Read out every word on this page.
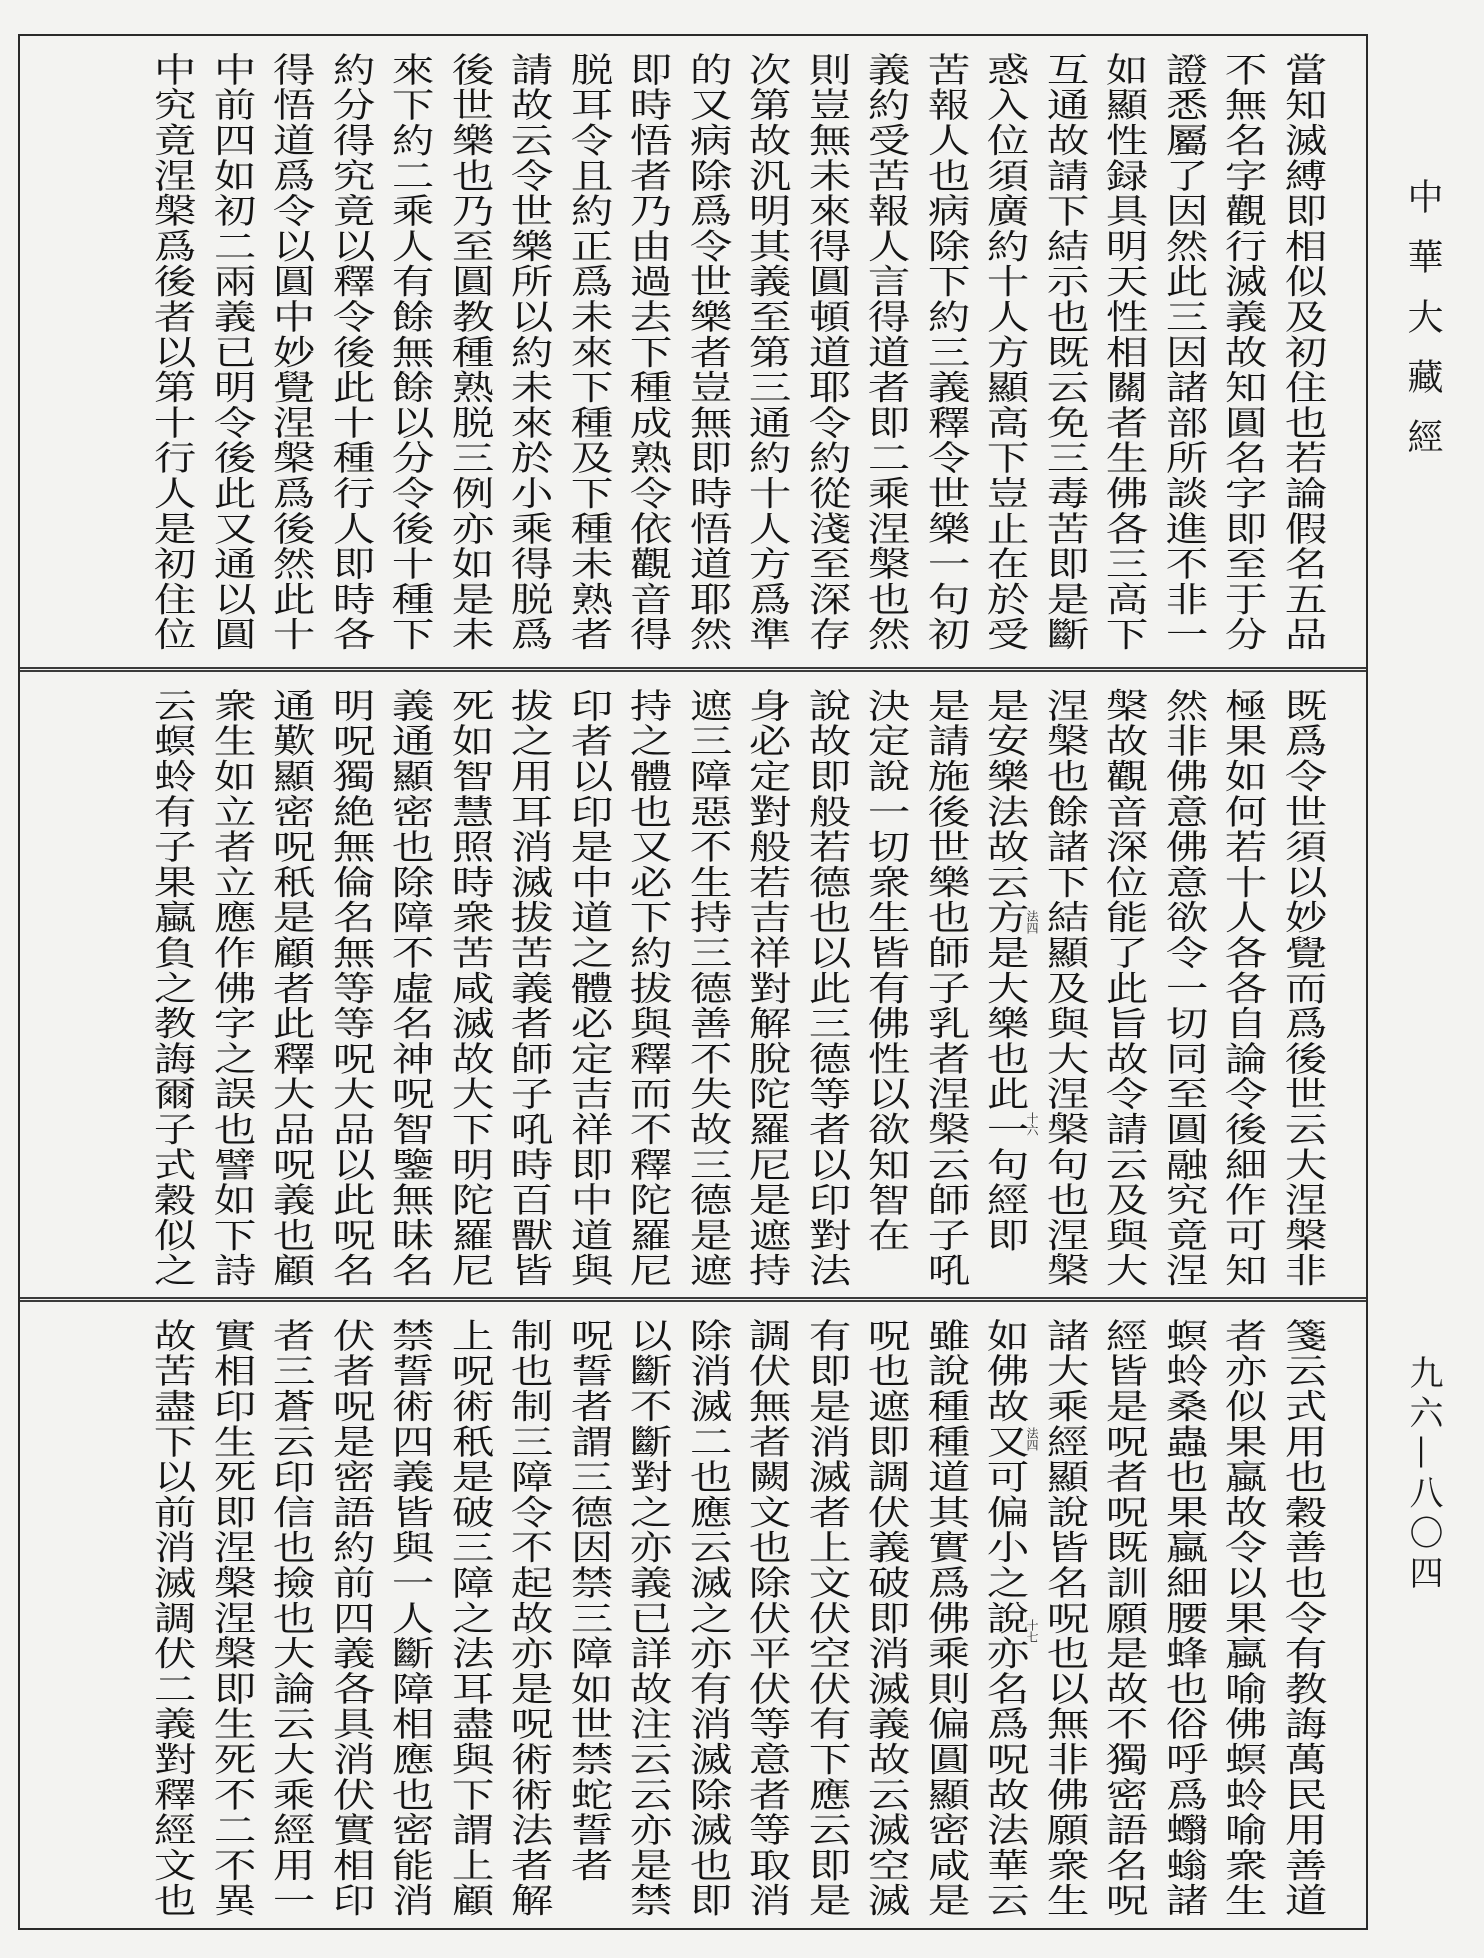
當知滅縛即相似及初住也若論假名五品
不無名字觀行滅義故知圓名字即至于分
證悉屬了因然此三因諸部所談進不非一
如顯性録具明天性相關者生佛各三高下
互通故請下結示也既云免三毒苦即是斷
惑入位須廣約十人方顯高下豈止在於受
苦報人也病除下約三義釋令世樂一句初
義約受苦報人言得道者即二乘涅槃也然
則豈無未來得圓頓道耶令約從淺至深存
次第故汎明其義至第三通約十人方爲準
的又病除爲令世樂者豈無即時悟道耶然
即時悟者乃由過去下種成熟令依觀音得
脱耳令且約正爲未來下種及下種未熟者
請故云令世樂所以約未來於小乘得脱爲
後世樂也乃至圓教種熟脱三例亦如是未
來下約二乘人有餘無餘以分令後十種下
約分得究竟以釋令後此十種行人即時各
得悟道爲令以圓中妙覺涅槃爲後然此十
中前四如初二兩義已明令後此又通以圓
中究竟涅槃爲後者以第十行人是初住位
既爲令世須以妙覺而爲後世云大涅槃非
極果如何若十人各各自論令後細作可知
然非佛意佛意欲令一切同至圓融究竟涅
槃故觀音深位能了此旨故令請云及與大
涅槃也餘諸下結顯及與大涅槃句也涅槃
是安樂法故云方是大樂也此一句經即
是請施後世樂也師子乳者涅槃云師子吼
決定說一切衆生皆有佛性以欲知智在
說故即般若德也以此三德等者以印對法
身必定對般若吉祥對解脫陀羅尼是遮持
遮三障惡不生持三德善不失故三德是遮
持之體也又必下約拔與釋而不釋陀羅尼
印者以印是中道之體必定吉祥即中道與
拔之用耳消滅拔苦義者師子吼時百獸皆
死如智慧照時衆苦咸滅故大下明陀羅尼
義通顯密也除障不虛名神呪智鑒無昧名
明呪獨絶無倫名無等等呪大品以此呪名
通歎顯密呪秖是顧者此釋大品呪義也顧
衆生如立者立應作佛字之誤也譬如下詩
云螟蛉有子果蠃負之教誨爾子式穀似之	法四
十六
箋云式用也穀善也令有教誨萬民用善道
者亦似果蠃故令以果蠃喻佛螟蛉喻衆生
螟蛉桑蟲也果蠃細腰蜂也俗呼爲蠮螉諸
經皆是呪者呪既訓願是故不獨密語名呪
諸大乘經顯說皆名呪也以無非佛願衆生
如佛故又可偏小之說亦名爲呪故法華云
雖說種種道其實爲佛乘則偏圓顯密咸是
呪也遮即調伏義破即消滅義故云滅空滅
有即是消滅者上文伏空伏有下應云即是
調伏無者闕文也除伏平伏等意者等取消
除消滅二也應云滅之亦有消滅除滅也即
以斷不斷對之亦義已詳故注云云亦是禁
呪誓者謂三德因禁三障如世禁蛇誓者
制也制三障令不起故亦是呪術術法者解
上呪術秖是破三障之法耳盡與下謂上顧
禁誓術四義皆與一人斷障相應也密能消
伏者呪是密語約前四義各具消伏實相印
者三蒼云印信也撿也大論云大乘經用一
實相印生死即涅槃涅槃即生死不二不異
故苦盡下以前消滅調伏二義對釋經文也	法四
十七
中華大藏經
九六—八〇四
